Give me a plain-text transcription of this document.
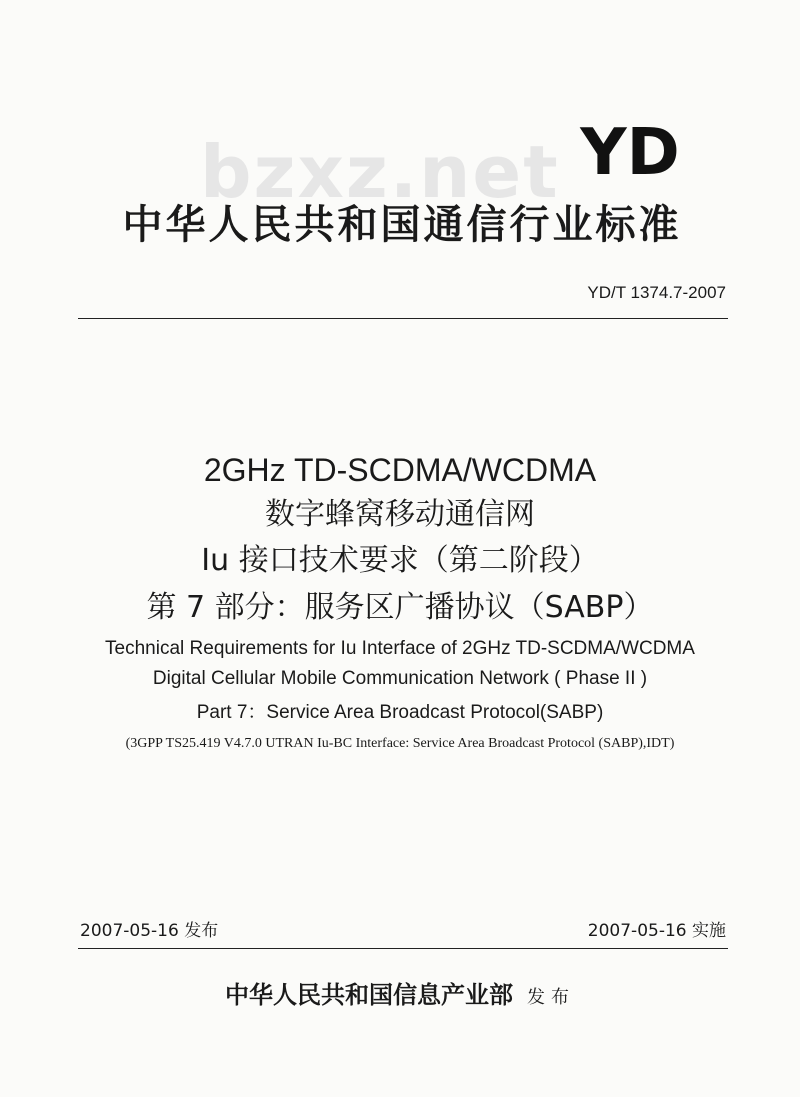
bzxz.net YD
中华人民共和国通信行业标准
YD/T 1374.7-2007
2GHz TD-SCDMA/WCDMA
数字蜂窝移动通信网
Iu 接口技术要求（第二阶段）
第 7 部分：服务区广播协议（SABP）
Technical Requirements for Iu Interface of 2GHz TD-SCDMA/WCDMA
Digital Cellular Mobile Communication Network ( Phase II )
Part 7：Service Area Broadcast Protocol(SABP)
(3GPP TS25.419 V4.7.0 UTRAN Iu-BC Interface: Service Area Broadcast Protocol (SABP),IDT)
2007-05-16 发布	2007-05-16 实施
中华人民共和国信息产业部 发布
